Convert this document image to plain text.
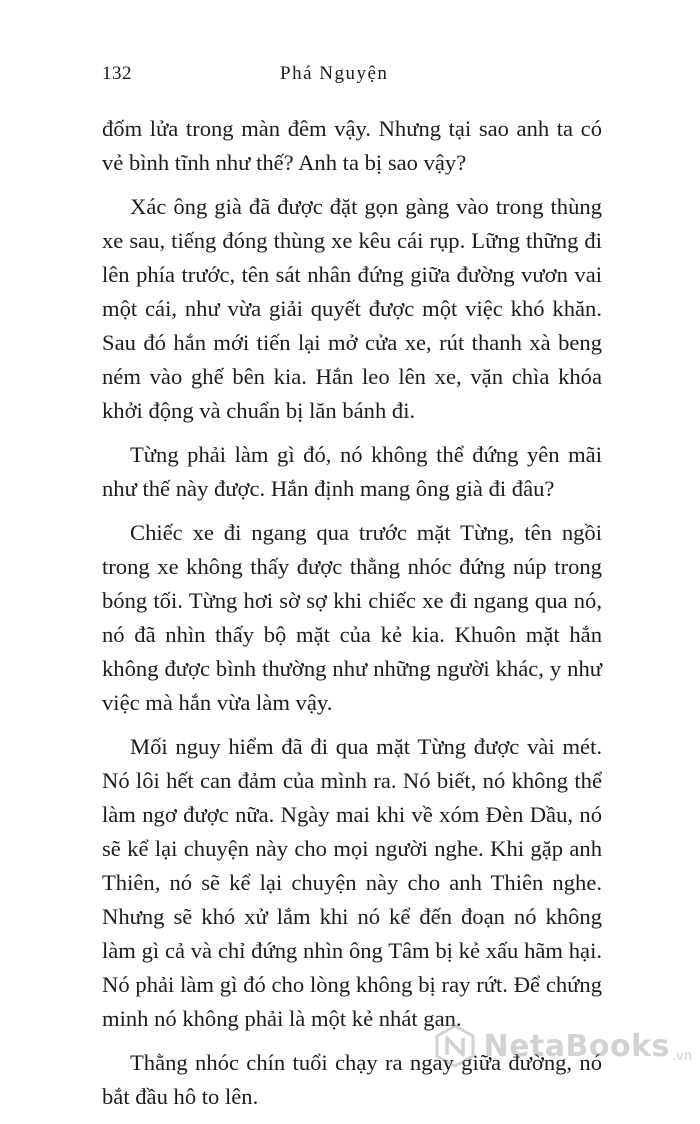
132	Phá Nguyện

đốm lửa trong màn đêm vậy. Nhưng tại sao anh ta có vẻ bình tĩnh như thế? Anh ta bị sao vậy?

Xác ông già đã được đặt gọn gàng vào trong thùng xe sau, tiếng đóng thùng xe kêu cái rụp. Lững thững đi lên phía trước, tên sát nhân đứng giữa đường vươn vai một cái, như vừa giải quyết được một việc khó khăn. Sau đó hắn mới tiến lại mở cửa xe, rút thanh xà beng ném vào ghế bên kia. Hắn leo lên xe, vặn chìa khóa khởi động và chuẩn bị lăn bánh đi.

Từng phải làm gì đó, nó không thể đứng yên mãi như thế này được. Hắn định mang ông già đi đâu?

Chiếc xe đi ngang qua trước mặt Từng, tên ngồi trong xe không thấy được thằng nhóc đứng núp trong bóng tối. Từng hơi sờ sợ khi chiếc xe đi ngang qua nó, nó đã nhìn thấy bộ mặt của kẻ kia. Khuôn mặt hắn không được bình thường như những người khác, y như việc mà hắn vừa làm vậy.

Mối nguy hiểm đã đi qua mặt Từng được vài mét. Nó lôi hết can đảm của mình ra. Nó biết, nó không thể làm ngơ được nữa. Ngày mai khi về xóm Đèn Dầu, nó sẽ kể lại chuyện này cho mọi người nghe. Khi gặp anh Thiên, nó sẽ kể lại chuyện này cho anh Thiên nghe. Nhưng sẽ khó xử lắm khi nó kể đến đoạn nó không làm gì cả và chỉ đứng nhìn ông Tâm bị kẻ xấu hãm hại. Nó phải làm gì đó cho lòng không bị ray rứt. Để chứng minh nó không phải là một kẻ nhát gan.

Thằng nhóc chín tuổi chạy ra ngay giữa đường, nó bắt đầu hô to lên.

NetaBooks .vn
